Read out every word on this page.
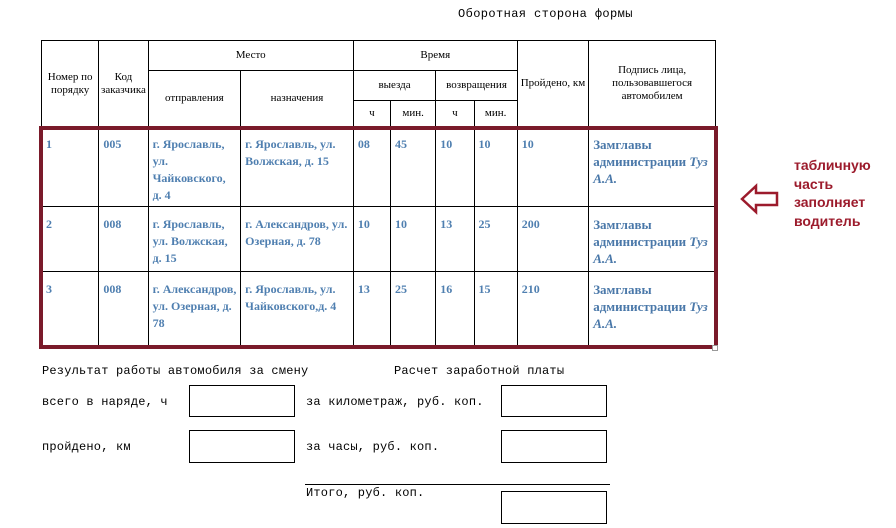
Оборотная сторона формы
Номер по порядку	Код заказчика	Место		Время				Пройдено, км	Подпись лица, пользовавшегося автомобилем
		отправления	назначения	выезда		возвращения			
				ч	мин.	ч	мин.		
1	005	г. Ярославль, ул. Чайковского, д. 4	г. Ярославль, ул. Волжская, д. 15	08	45	10	10	10	Замглавы администрации Туз А.А.
2	008	г. Ярославль, ул. Волжская, д. 15	г. Александров, ул. Озерная, д. 78	10	10	13	25	200	Замглавы администрации Туз А.А.
3	008	г. Александров, ул. Озерная, д. 78	г. Ярославль, ул. Чайковского,д. 4	13	25	16	15	210	Замглавы администрации Туз А.А.
табличную часть заполняет водитель
Результат работы автомобиля за смену	Расчет заработной платы
всего в наряде, ч	за километраж, руб. коп.
пройдено, км	за часы, руб. коп.
Итого, руб. коп.
